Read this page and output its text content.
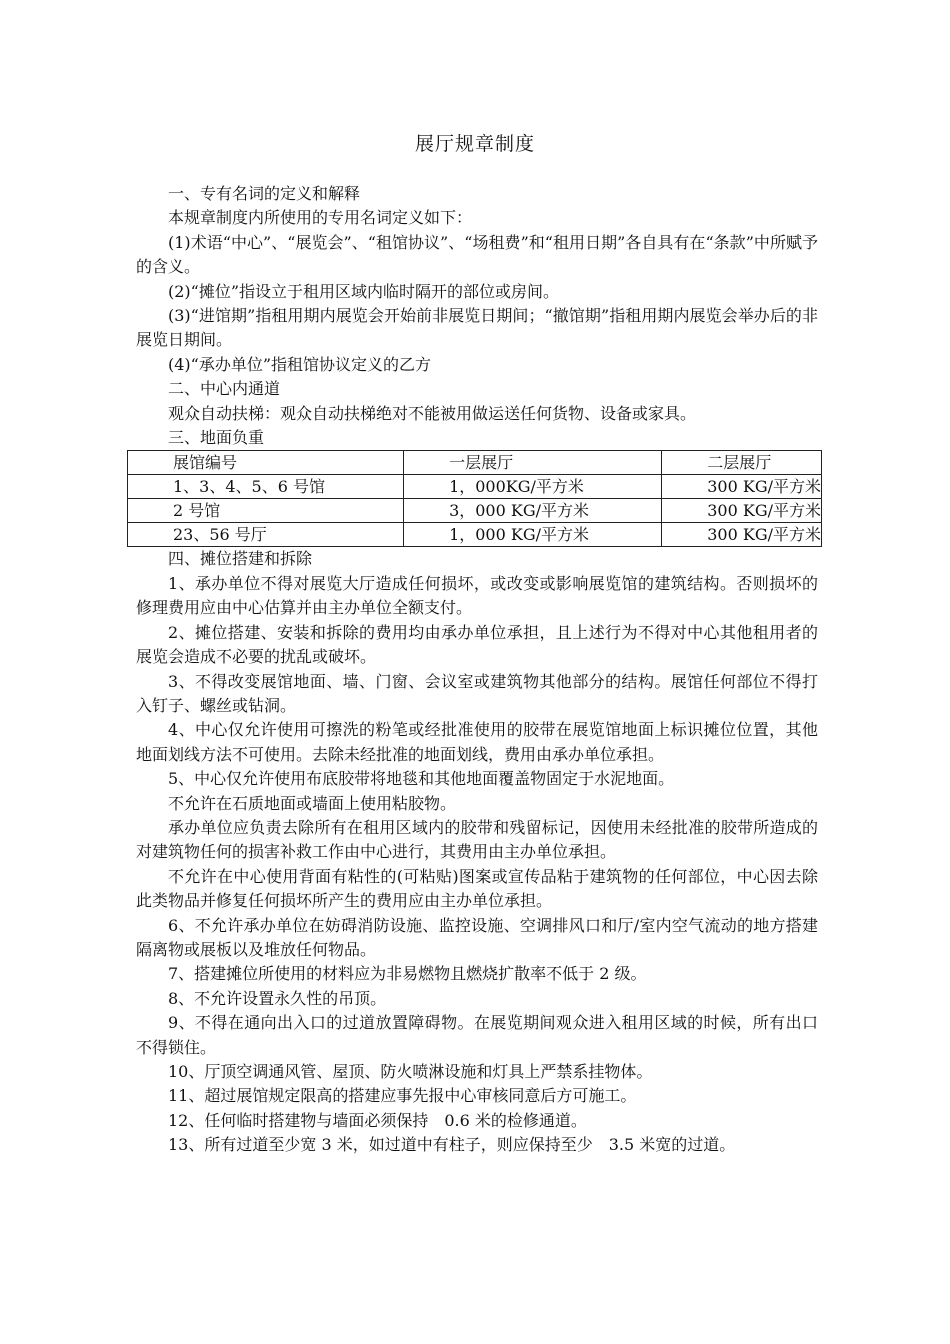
展厅规章制度

一、专有名词的定义和解释

本规章制度内所使用的专用名词定义如下：

(1)术语“中心”、“展览会”、“租馆协议”、“场租费”和“租用日期”各自具有在“条款”中所赋予的含义。

(2)“摊位”指设立于租用区域内临时隔开的部位或房间。

(3)“进馆期”指租用期内展览会开始前非展览日期间；“撤馆期”指租用期内展览会举办后的非展览日期间。

(4)“承办单位”指租馆协议定义的乙方

二、中心内通道

观众自动扶梯：观众自动扶梯绝对不能被用做运送任何货物、设备或家具。

三、地面负重

展馆编号	一层展厅	二层展厅
1、3、4、5、6 号馆	1，000KG/平方米	300 KG/平方米
2 号馆	3，000 KG/平方米	300 KG/平方米
23、56 号厅	1，000 KG/平方米	300 KG/平方米

四、摊位搭建和拆除

1、承办单位不得对展览大厅造成任何损坏，或改变或影响展览馆的建筑结构。否则损坏的修理费用应由中心估算并由主办单位全额支付。

2、摊位搭建、安装和拆除的费用均由承办单位承担，且上述行为不得对中心其他租用者的展览会造成不必要的扰乱或破坏。

3、不得改变展馆地面、墙、门窗、会议室或建筑物其他部分的结构。展馆任何部位不得打入钉子、螺丝或钻洞。

4、中心仅允许使用可擦洗的粉笔或经批准使用的胶带在展览馆地面上标识摊位位置，其他地面划线方法不可使用。去除未经批准的地面划线，费用由承办单位承担。

5、中心仅允许使用布底胶带将地毯和其他地面覆盖物固定于水泥地面。

不允许在石质地面或墙面上使用粘胶物。

承办单位应负责去除所有在租用区域内的胶带和残留标记，因使用未经批准的胶带所造成的对建筑物任何的损害补救工作由中心进行，其费用由主办单位承担。

不允许在中心使用背面有粘性的(可粘贴)图案或宣传品粘于建筑物的任何部位，中心因去除此类物品并修复任何损坏所产生的费用应由主办单位承担。

6、不允许承办单位在妨碍消防设施、监控设施、空调排风口和厅/室内空气流动的地方搭建隔离物或展板以及堆放任何物品。

7、搭建摊位所使用的材料应为非易燃物且燃烧扩散率不低于 2 级。

8、不允许设置永久性的吊顶。

9、不得在通向出入口的过道放置障碍物。在展览期间观众进入租用区域的时候，所有出口不得锁住。

10、厅顶空调通风管、屋顶、防火喷淋设施和灯具上严禁系挂物体。

11、超过展馆规定限高的搭建应事先报中心审核同意后方可施工。

12、任何临时搭建物与墙面必须保持　0.6 米的检修通道。

13、所有过道至少宽 3 米，如过道中有柱子，则应保持至少　3.5 米宽的过道。
